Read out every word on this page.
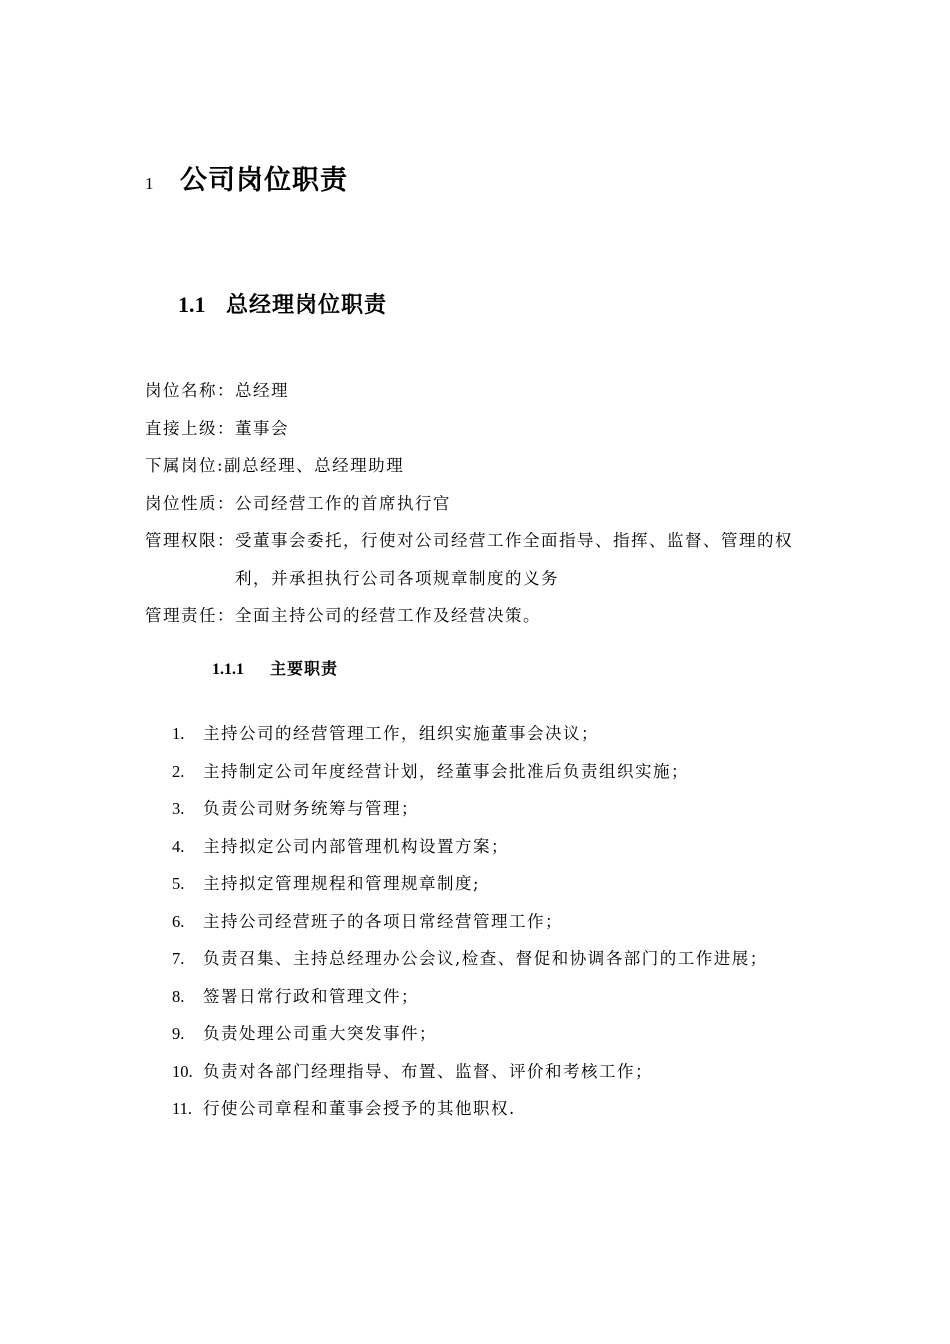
1 公司岗位职责
1.1 总经理岗位职责
岗位名称： 总经理
直接上级： 董事会
下属岗位: 副总经理、总经理助理
岗位性质： 公司经营工作的首席执行官
管理权限： 受董事会委托，行使对公司经营工作全面指导、指挥、监督、管理的权利，并承担执行公司各项规章制度的义务
管理责任： 全面主持公司的经营工作及经营决策。
1.1.1	主要职责
1.	主持公司的经营管理工作，组织实施董事会决议；
2.	主持制定公司年度经营计划，经董事会批准后负责组织实施；
3.	负责公司财务统筹与管理；
4.	主持拟定公司内部管理机构设置方案；
5.	主持拟定管理规程和管理规章制度;
6.	主持公司经营班子的各项日常经营管理工作；
7.	负责召集、主持总经理办公会议,检查、督促和协调各部门的工作进展；
8.	签署日常行政和管理文件；
9.	负责处理公司重大突发事件；
10. 负责对各部门经理指导、布置、监督、评价和考核工作；
11. 行使公司章程和董事会授予的其他职权.
